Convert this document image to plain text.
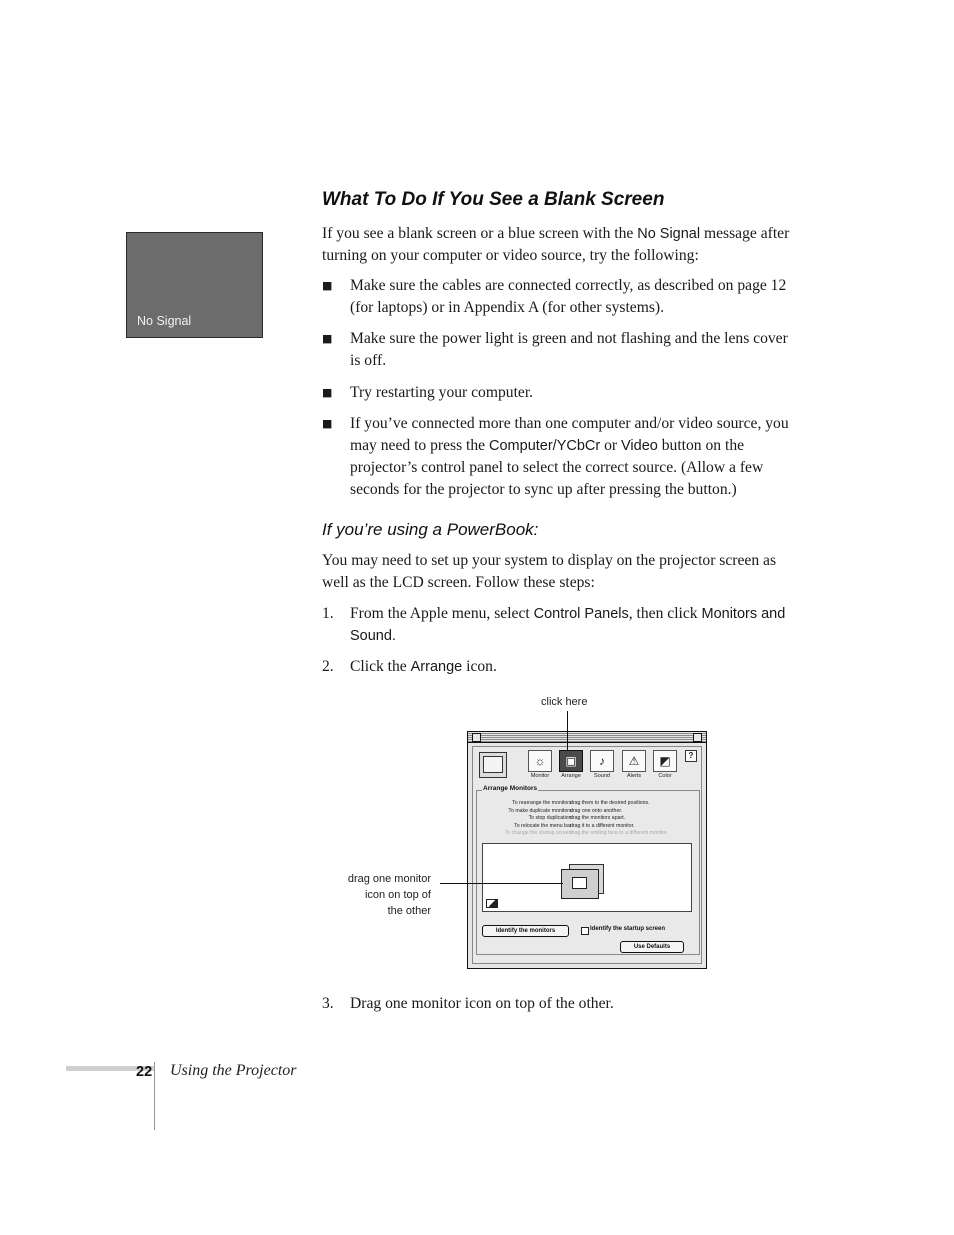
No Signal
What To Do If You See a Blank Screen
If you see a blank screen or a blue screen with the No Signal message after turning on your computer or video source, try the following:
■	Make sure the cables are connected correctly, as described on page 12 (for laptops) or in Appendix A (for other systems).
■	Make sure the power light is green and not flashing and the lens cover is off.
■	Try restarting your computer.
■	If you’ve connected more than one computer and/or video source, you may need to press the Computer/YCbCr or Video button on the projector’s control panel to select the correct source. (Allow a few seconds for the projector to sync up after pressing the button.)
If you’re using a PowerBook:
You may need to set up your system to display on the projector screen as well as the LCD screen. Follow these steps:
1. From the Apple menu, select Control Panels, then click Monitors and Sound.
2. Click the Arrange icon.
click here
drag one monitor
icon on top of
the other
☼
Monitor
▣
Arrange
♪
Sound
⚠
Alerts
◩
Color
?
Arrange Monitors
To rearrange the monitors:
drag them to the desired positions.
To make duplicate monitors:
drag one onto another.
To stop duplication:
drag the monitors apart.
To relocate the menu bar:
drag it to a different monitor.
To change the startup screen:
drag the smiling face to a different monitor.
Identify the monitors	Identify the startup screen
Use Defaults
3. Drag one monitor icon on top of the other.
22 Using the Projector
